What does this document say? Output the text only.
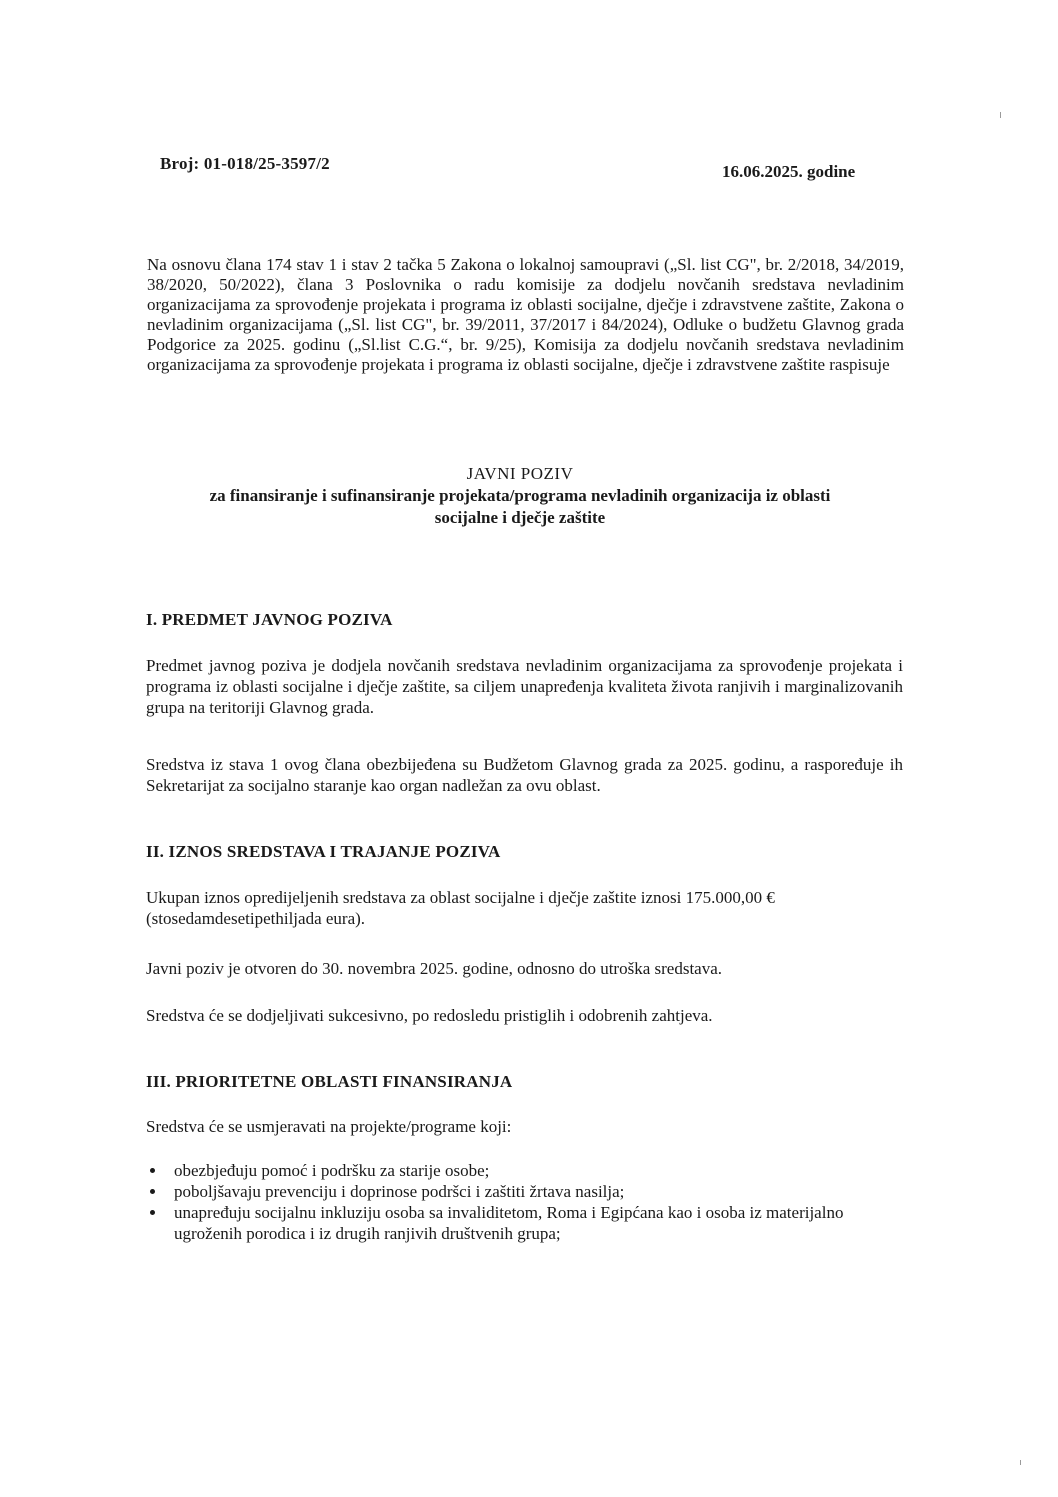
Broj: 01-018/25-3597/2	16.06.2025. godine

Na osnovu člana 174 stav 1 i stav 2 tačka 5 Zakona o lokalnoj samoupravi („Sl. list CG", br. 2/2018, 34/2019, 38/2020, 50/2022), člana 3 Poslovnika o radu komisije za dodjelu novčanih sredstava nevladinim organizacijama za sprovođenje projekata i programa iz oblasti socijalne, dječje i zdravstvene zaštite, Zakona o nevladinim organizacijama („Sl. list CG", br. 39/2011, 37/2017 i 84/2024), Odluke o budžetu Glavnog grada Podgorice za 2025. godinu („Sl.list C.G.“, br. 9/25), Komisija za dodjelu novčanih sredstava nevladinim organizacijama za sprovođenje projekata i programa iz oblasti socijalne, dječje i zdravstvene zaštite raspisuje

JAVNI POZIV
za finansiranje i sufinansiranje projekata/programa nevladinih organizacija iz oblasti
socijalne i dječje zaštite
I. PREDMET JAVNOG POZIVA

Predmet javnog poziva je dodjela novčanih sredstava nevladinim organizacijama za sprovođenje projekata i programa iz oblasti socijalne i dječje zaštite, sa ciljem unapređenja kvaliteta života ranjivih i marginalizovanih grupa na teritoriji Glavnog grada.

Sredstva iz stava 1 ovog člana obezbijeđena su Budžetom Glavnog grada za 2025. godinu, a raspoređuje ih Sekretarijat za socijalno staranje kao organ nadležan za ovu oblast.

II. IZNOS SREDSTAVA I TRAJANJE POZIVA

Ukupan iznos opredijeljenih sredstava za oblast socijalne i dječje zaštite iznosi 175.000,00 € (stosedamdesetipethiljada eura).

Javni poziv je otvoren do 30. novembra 2025. godine, odnosno do utroška sredstava.

Sredstva će se dodjeljivati sukcesivno, po redosledu pristiglih i odobrenih zahtjeva.

III. PRIORITETNE OBLASTI FINANSIRANJA

Sredstva će se usmjeravati na projekte/programe koji:

obezbjeđuju pomoć i podršku za starije osobe;
poboljšavaju prevenciju i doprinose podršci i zaštiti žrtava nasilja;
unapređuju socijalnu inkluziju osoba sa invaliditetom, Roma i Egipćana kao i osoba iz materijalno ugroženih porodica i iz drugih ranjivih društvenih grupa;
